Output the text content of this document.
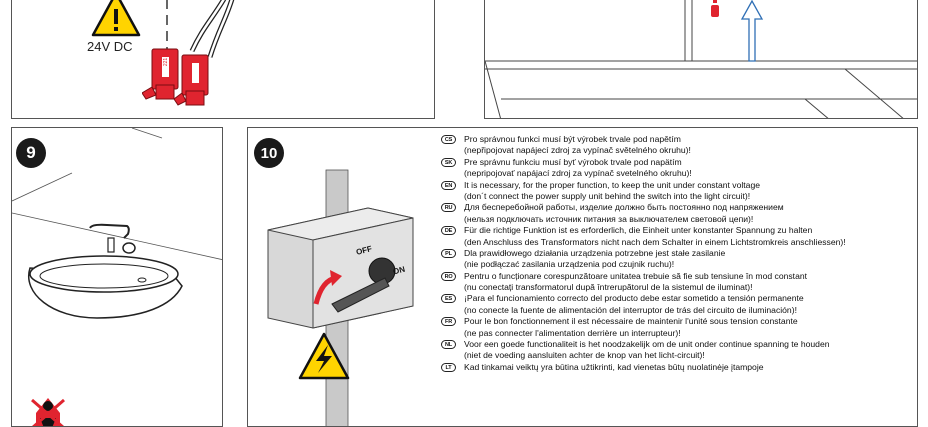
24V DC
221
9	10
OFF
ON
CS	Pro správnou funkci musí být výrobek trvale pod napětím
(nepřipojovat napájecí zdroj za vypínač světelného okruhu)!
SK	Pre správnu funkciu musí byť výrobok trvale pod napätím
(nepripojovať napájací zdroj za vypínač svetelného okruhu)!
EN	It is necessary, for the proper function, to keep the unit under constant voltage
(don´t connect the power supply unit behind the switch into the light circuit)!
RU	Для бесперебойной работы, изделие должно быть постоянно под напряжением
(нельзя подключать источник питания за выключателем световой цепи)!
DE	Für die richtige Funktion ist es erforderlich, die Einheit unter konstanter Spannung zu halten
(den Anschluss des Transformators nicht nach dem Schalter in einem Lichtstromkreis anschliessen)!
PL	Dla prawidłowego działania urządzenia potrzebne jest stałe zasilanie
(nie podłączać zasilania urządzenia pod czujnik ruchu)!
RO	Pentru o funcționare corespunzătoare unitatea trebuie să fie sub tensiune în mod constant
(nu conectați transformatorul după întrerupătorul de la sistemul de iluminat)!
ES	¡Para el funcionamiento correcto del producto debe estar sometido a tensión permanente
(no conecte la fuente de alimentación del interruptor de trás del circuito de iluminación)!
FR	Pour le bon fonctionnement il est nécessaire de maintenir l'unité sous tension constante
(ne pas connecter l'alimentation derrière un interrupteur)!
NL	Voor een goede functionaliteit is het noodzakelijk om de unit onder continue spanning te houden
(niet de voeding aansluiten achter de knop van het licht-circuit)!
LT	Kad tinkamai veiktų yra būtina užtikrinti, kad vienetas būtų nuolatinėje įtampoje
